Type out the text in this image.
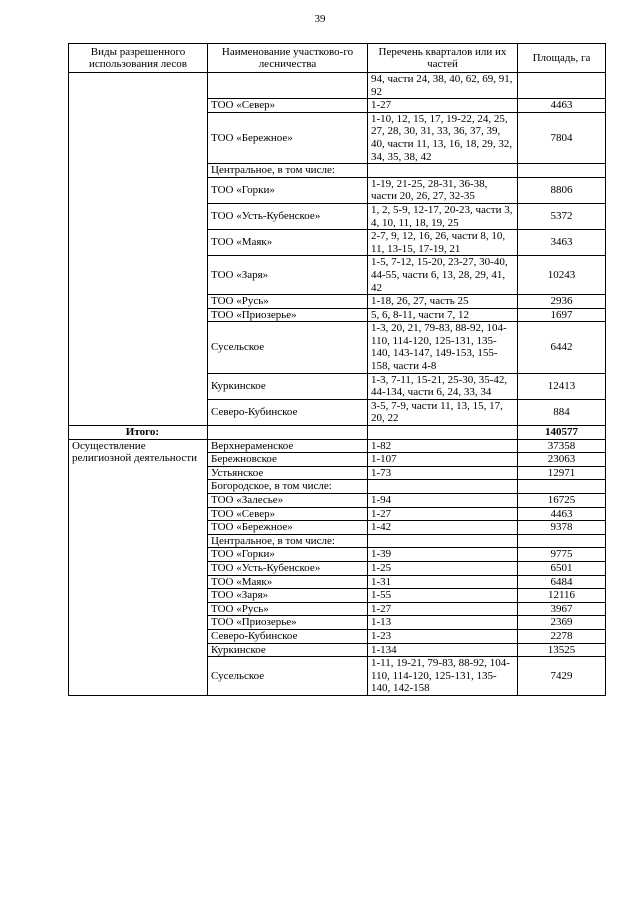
39
Виды разрешенного использования лесов	Наименование участково-го лесничества	Перечень кварталов или их частей	Площадь, га
		94, части 24, 38, 40, 62, 69, 91, 92	
	ТОО «Север»	1-27	4463
	ТОО «Бережное»	1-10, 12, 15, 17, 19-22, 24, 25, 27, 28, 30, 31, 33, 36, 37, 39, 40, части 11, 13, 16, 18, 29, 32, 34, 35, 38, 42	7804
	Центральное, в том числе:		
	ТОО «Горки»	1-19, 21-25, 28-31, 36-38, части 20, 26, 27, 32-35	8806
	ТОО «Усть-Кубенское»	1, 2, 5-9, 12-17, 20-23, части 3, 4, 10, 11, 18, 19, 25	5372
	ТОО «Маяк»	2-7, 9, 12, 16, 26, части 8, 10, 11, 13-15, 17-19, 21	3463
	ТОО «Заря»	1-5, 7-12, 15-20, 23-27, 30-40, 44-55, части 6, 13, 28, 29, 41, 42	10243
	ТОО «Русь»	1-18, 26, 27, часть 25	2936
	ТОО «Приозерье»	5, 6, 8-11, части 7, 12	1697
	Сусельское	1-3, 20, 21, 79-83, 88-92, 104-110, 114-120, 125-131, 135-140, 143-147, 149-153, 155-158, части 4-8	6442
	Куркинское	1-3, 7-11, 15-21, 25-30, 35-42, 44-134, части 6, 24, 33, 34	12413
	Северо-Кубинское	3-5, 7-9, части 11, 13, 15, 17, 20, 22	884
Итого:			140577
Осуществление религиозной деятельности	Верхнераменское	1-82	37358
	Бережновское	1-107	23063
	Устьянское	1-73	12971
	Богородское, в том числе:		
	ТОО «Залесье»	1-94	16725
	ТОО «Север»	1-27	4463
	ТОО «Бережное»	1-42	9378
	Центральное, в том числе:		
	ТОО «Горки»	1-39	9775
	ТОО «Усть-Кубенское»	1-25	6501
	ТОО «Маяк»	1-31	6484
	ТОО «Заря»	1-55	12116
	ТОО «Русь»	1-27	3967
	ТОО «Приозерье»	1-13	2369
	Северо-Кубинское	1-23	2278
	Куркинское	1-134	13525
	Сусельское	1-11, 19-21, 79-83, 88-92, 104-110, 114-120, 125-131, 135-140, 142-158	7429
